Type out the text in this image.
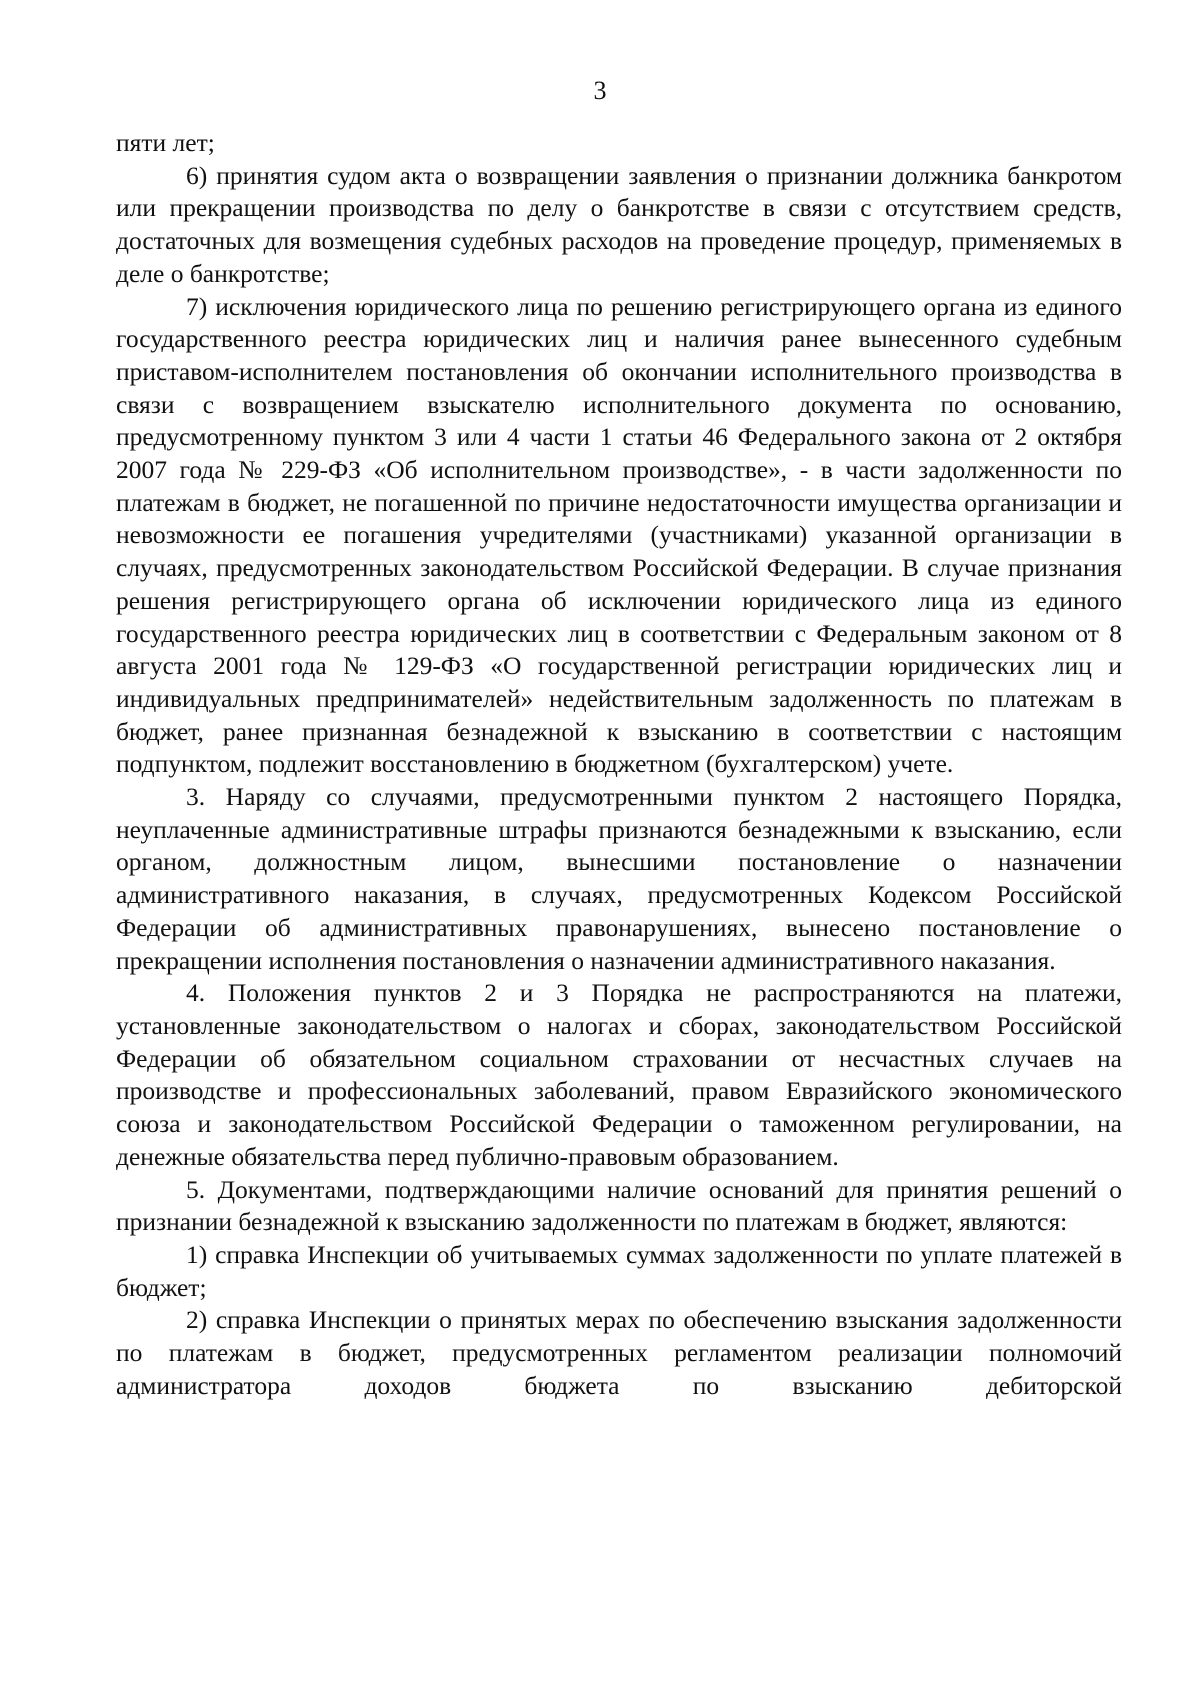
3

пяти лет;

6) принятия судом акта о возвращении заявления о признании должника банкротом или прекращении производства по делу о банкротстве в связи с отсутствием средств, достаточных для возмещения судебных расходов на проведение процедур, применяемых в деле о банкротстве;

7) исключения юридического лица по решению регистрирующего органа из единого государственного реестра юридических лиц и наличия ранее вынесенного судебным приставом-исполнителем постановления об окончании исполнительного производства в связи с возвращением взыскателю исполнительного документа по основанию, предусмотренному пунктом 3 или 4 части 1 статьи 46 Федерального закона от 2 октября 2007 года № 229-ФЗ «Об исполнительном производстве», - в части задолженности по платежам в бюджет, не погашенной по причине недостаточности имущества организации и невозможности ее погашения учредителями (участниками) указанной организации в случаях, предусмотренных законодательством Российской Федерации. В случае признания решения регистрирующего органа об исключении юридического лица из единого государственного реестра юридических лиц в соответствии с Федеральным законом от 8 августа 2001 года № 129-ФЗ «О государственной регистрации юридических лиц и индивидуальных предпринимателей» недействительным задолженность по платежам в бюджет, ранее признанная безнадежной к взысканию в соответствии с настоящим подпунктом, подлежит восстановлению в бюджетном (бухгалтерском) учете.

3. Наряду со случаями, предусмотренными пунктом 2 настоящего Порядка, неуплаченные административные штрафы признаются безнадежными к взысканию, если органом, должностным лицом, вынесшими постановление о назначении административного наказания, в случаях, предусмотренных Кодексом Российской Федерации об административных правонарушениях, вынесено постановление о прекращении исполнения постановления о назначении административного наказания.

4. Положения пунктов 2 и 3 Порядка не распространяются на платежи, установленные законодательством о налогах и сборах, законодательством Российской Федерации об обязательном социальном страховании от несчастных случаев на производстве и профессиональных заболеваний, правом Евразийского экономического союза и законодательством Российской Федерации о таможенном регулировании, на денежные обязательства перед публично-правовым образованием.

5. Документами, подтверждающими наличие оснований для принятия решений о признании безнадежной к взысканию задолженности по платежам в бюджет, являются:

1) справка Инспекции об учитываемых суммах задолженности по уплате платежей в бюджет;

2) справка Инспекции о принятых мерах по обеспечению взыскания задолженности по платежам в бюджет, предусмотренных регламентом реализации полномочий администратора доходов бюджета по взысканию дебиторской
